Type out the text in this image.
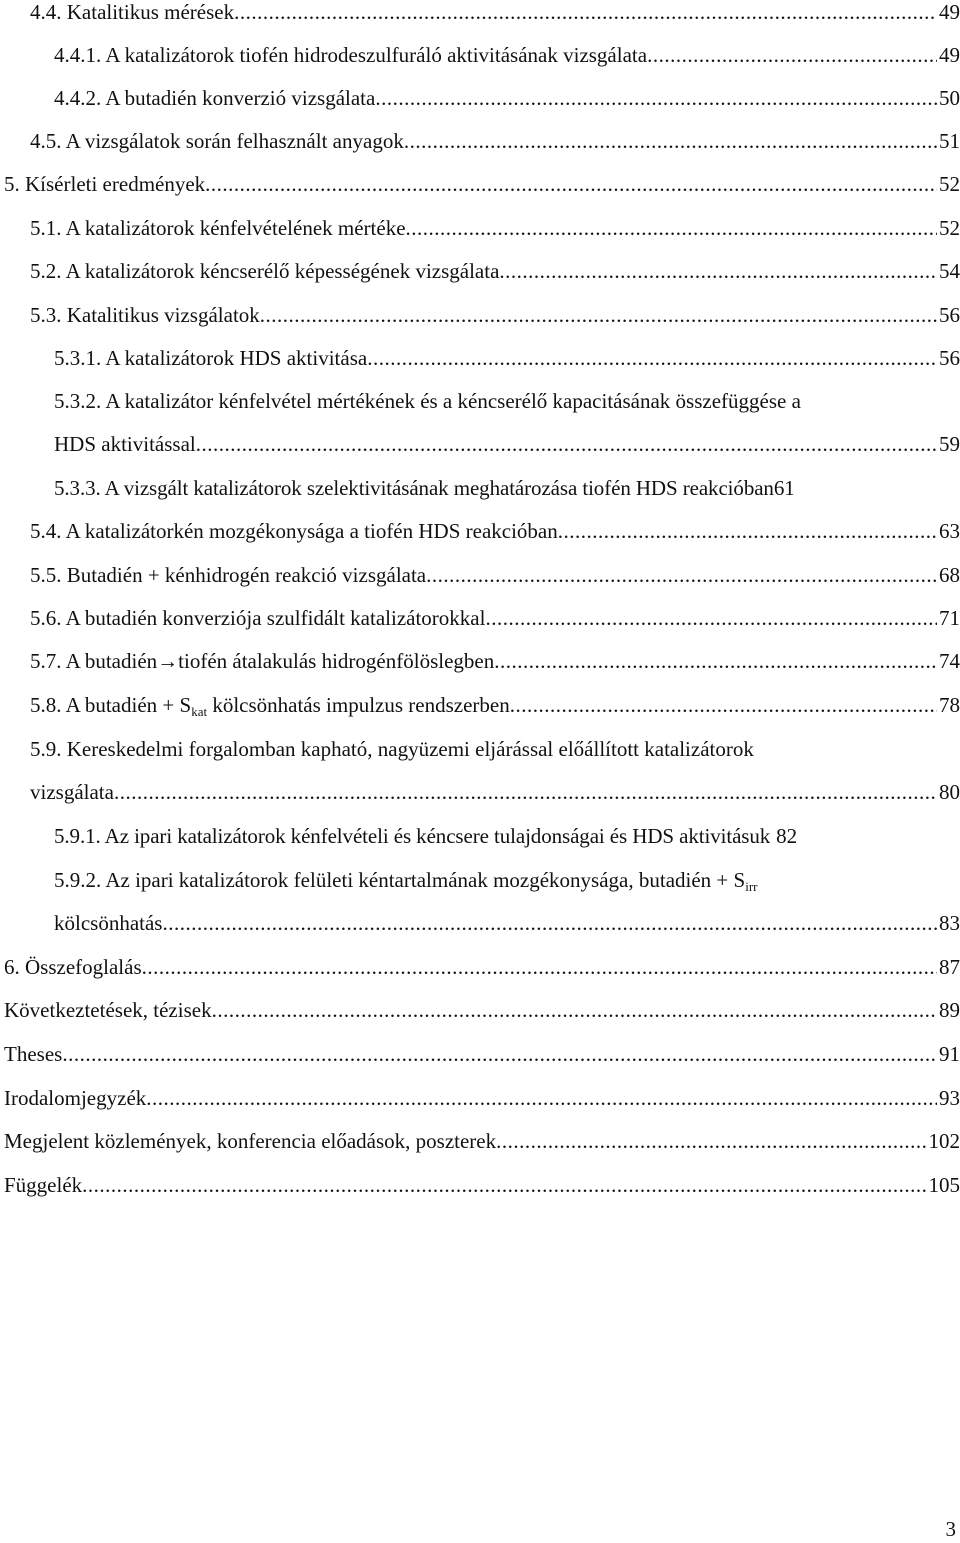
4.4. Katalitikus mérések .....	49
4.4.1. A katalizátorok tiofén hidrodeszulfuráló aktivitásának vizsgálata .....	49
4.4.2. A butadién konverzió vizsgálata .....	50
4.5. A vizsgálatok során felhasznált anyagok .....	51
5. Kísérleti eredmények .....	52
5.1. A katalizátorok kénfelvételének mértéke .....	52
5.2. A katalizátorok kéncserélő képességének vizsgálata .....	54
5.3. Katalitikus vizsgálatok .....	56
5.3.1. A katalizátorok HDS aktivitása .....	56
5.3.2. A katalizátor kénfelvétel mértékének és a kéncserélő kapacitásának összefüggése a
HDS aktivitással .....	59
5.3.3. A vizsgált katalizátorok szelektivitásának meghatározása tiofén HDS reakcióban 61
5.4. A katalizátorkén mozgékonysága a tiofén HDS reakcióban .....	63
5.5. Butadién + kénhidrogén reakció vizsgálata .....	68
5.6. A butadién konverziója szulfidált katalizátorokkal .....	71
5.7. A butadién→tiofén átalakulás hidrogénfölöslegben .....	74
5.8. A butadién + $S_{kat}$ kölcsönhatás impulzus rendszerben .....	78
5.9. Kereskedelmi forgalomban kapható, nagyüzemi eljárással előállított katalizátorok
vizsgálata .....	80
5.9.1. Az ipari katalizátorok kénfelvételi és kéncsere tulajdonságai és HDS aktivitásuk 82
5.9.2. Az ipari katalizátorok felületi kéntartalmának mozgékonysága, butadién + $S_{irr}$
kölcsönhatás .....	83
6. Összefoglalás .....	87
Következtetések, tézisek .....	89
Theses .....	91
Irodalomjegyzék .....	93
Megjelent közlemények, konferencia előadások, poszterek .....	102
Függelék .....	105
3
